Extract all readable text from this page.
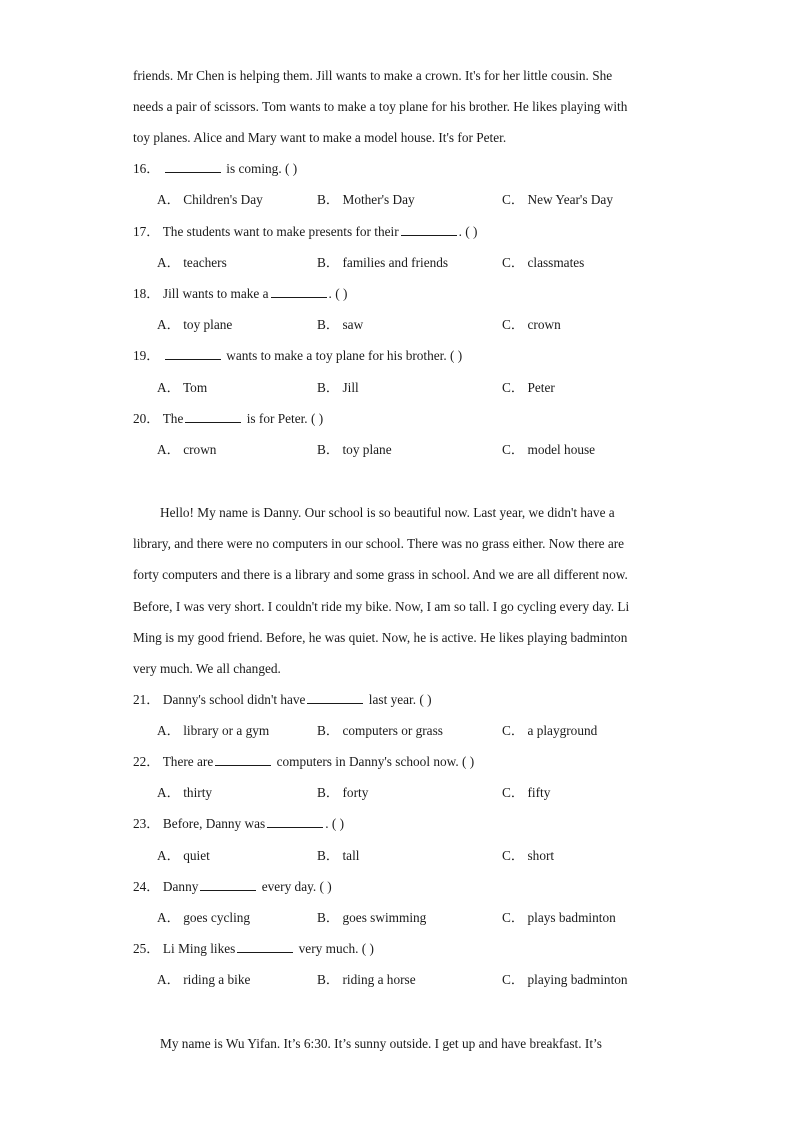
friends. Mr Chen is helping them. Jill wants to make a crown. It's for her little cousin. She
needs a pair of scissors. Tom wants to make a toy plane for his brother. He likes playing with
toy planes. Alice and Mary want to make a model house. It's for Peter.
16．	is coming. ( )
A． Children's Day	B． Mother's Day	C． New Year's Day
17． The students want to make presents for their	. ( )
A． teachers	B． families and friends	C． classmates
18． Jill wants to make a	. ( )
A． toy plane	B． saw	C． crown
19．	wants to make a toy plane for his brother. ( )
A． Tom	B． Jill	C． Peter
20． The	is for Peter. ( )
A． crown	B． toy plane	C． model house
Hello! My name is Danny. Our school is so beautiful now. Last year, we didn't have a
library, and there were no computers in our school. There was no grass either. Now there are
forty computers and there is a library and some grass in school. And we are all different now.
Before, I was very short. I couldn't ride my bike. Now, I am so tall. I go cycling every day. Li
Ming is my good friend. Before, he was quiet. Now, he is active. He likes playing badminton
very much. We all changed.
21． Danny's school didn't have	last year. ( )
A． library or a gym	B． computers or grass	C． a playground
22． There are	computers in Danny's school now. ( )
A． thirty	B． forty	C． fifty
23． Before, Danny was	. ( )
A． quiet	B． tall	C． short
24． Danny	every day. ( )
A． goes cycling	B． goes swimming	C． plays badminton
25． Li Ming likes	very much. ( )
A． riding a bike	B． riding a horse	C． playing badminton
My name is Wu Yifan. It’s 6:30. It’s sunny outside. I get up and have breakfast. It’s
